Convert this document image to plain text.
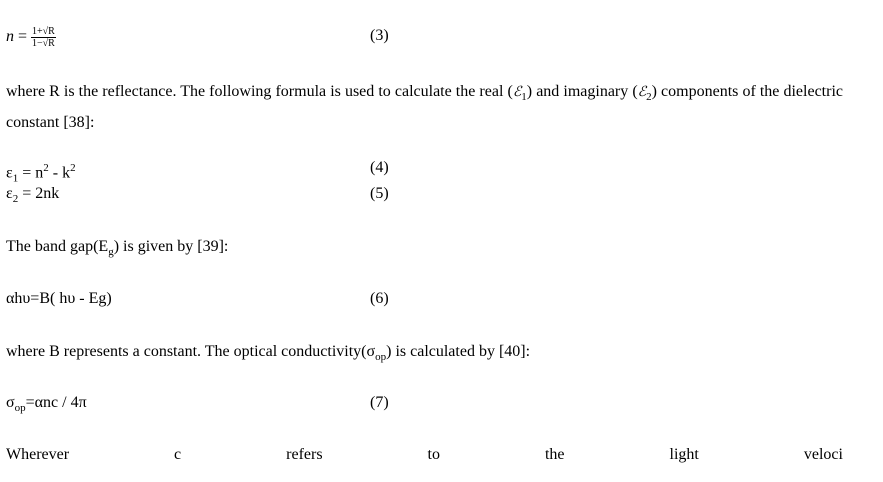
$n = \frac{1+√R}{1-√R}$	(3)
where R is the reflectance. The following formula is used to calculate the real (ℰ$_1$) and imaginary (ℰ$_2$) components of the dielectric constant [38]:
$\varepsilon_1 = n^2 - k^2$	(4)
$\varepsilon_2 = 2nk$	(5)
The band $gap(E_g)$ is given by [39]:
αhυ=B( hυ - Eg)	(6)
where B represents a constant. The optical $conductivity(\sigma_{op})$ is calculated by [40]:
$\sigma_{op}=\alpha nc / 4\pi$	(7)
Wherever	c	refers	to	the	light	veloci
